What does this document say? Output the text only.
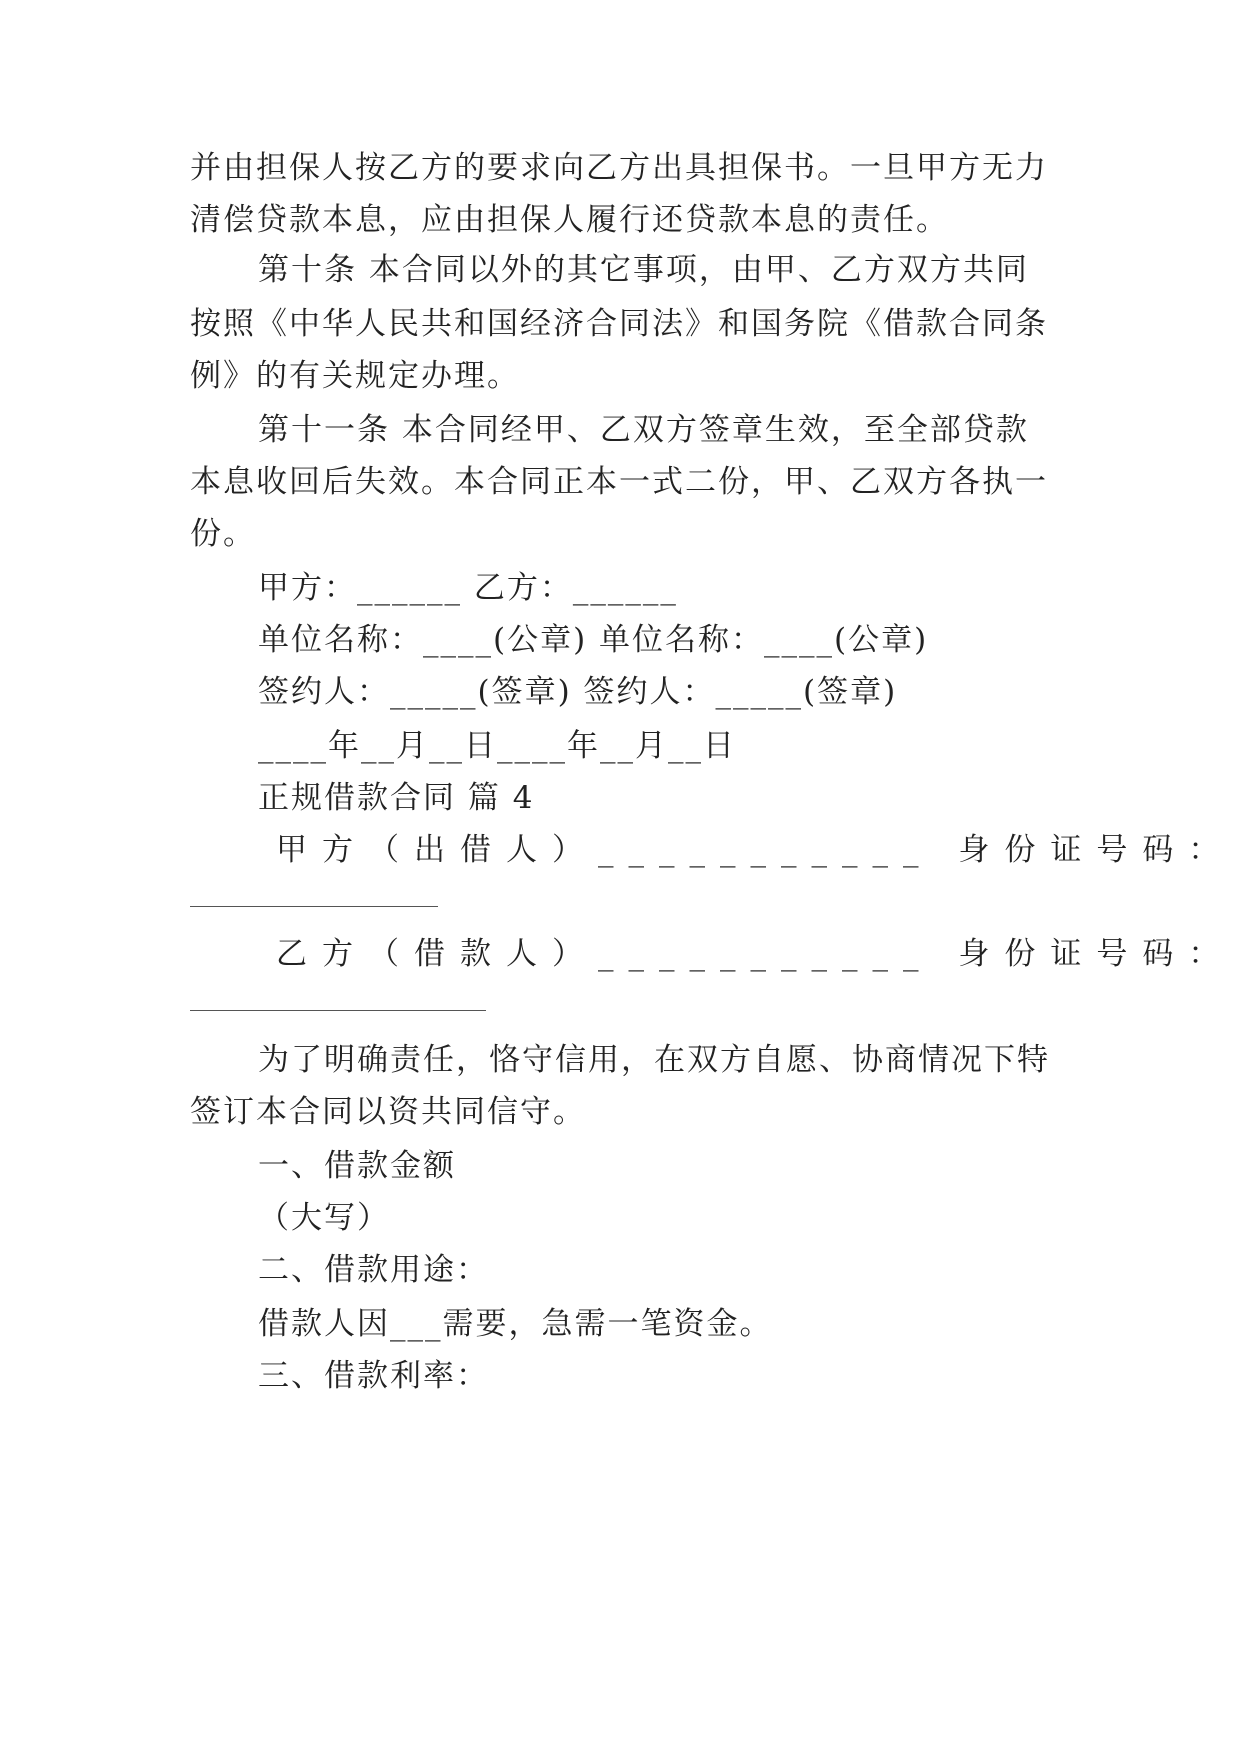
并由担保人按乙方的要求向乙方出具担保书。一旦甲方无力
清偿贷款本息，应由担保人履行还贷款本息的责任。
第十条 本合同以外的其它事项，由甲、乙方双方共同
按照《中华人民共和国经济合同法》和国务院《借款合同条
例》的有关规定办理。
第十一条 本合同经甲、乙双方签章生效，至全部贷款
本息收回后失效。本合同正本一式二份，甲、乙双方各执一
份。
甲方：______ 乙方：______
单位名称：____(公章) 单位名称：____(公章)
签约人：_____(签章) 签约人：_____(签章)
____年__月__日____年__月__日
正规借款合同 篇 4
甲方（出借人）___________ 身份证号码：
乙方（借款人）___________ 身份证号码：
为了明确责任，恪守信用，在双方自愿、协商情况下特
签订本合同以资共同信守。
一、借款金额
（大写）
二、借款用途：
借款人因___需要，急需一笔资金。
三、借款利率：
